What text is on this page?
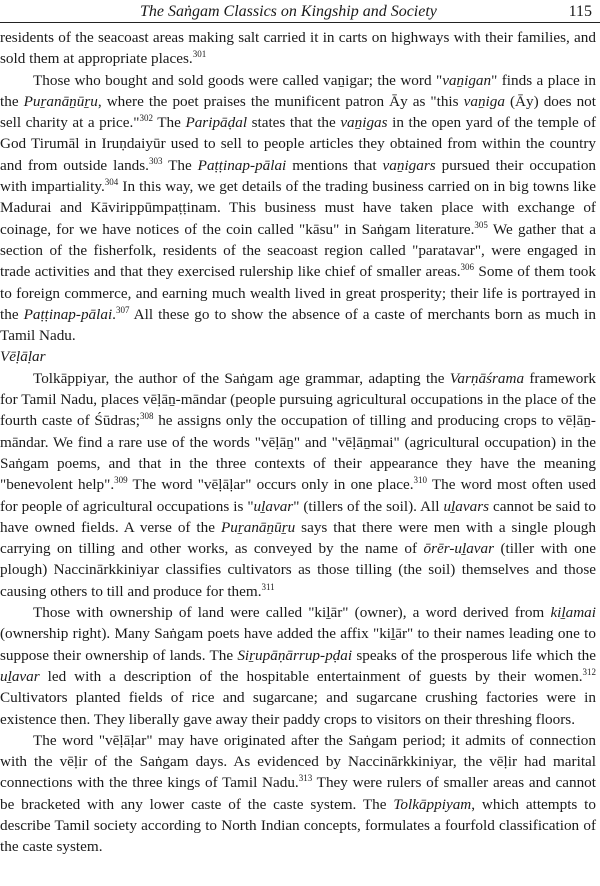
The Saṅgam Classics on Kingship and Society	115

residents of the seacoast areas making salt carried it in carts on highways with their families, and sold them at appropriate places.$^{301}$

Those who bought and sold goods were called vaṉigar; the word "vaṉigan" finds a place in the Puṟanāṉūṟu, where the poet praises the munificent patron Āy as "this vaṉiga (Āy) does not sell charity at a price."$^{302}$ The Paripāḍal states that the vaṉigas in the open yard of the temple of God Tirumāl in Iruṇdaiyūr used to sell to people articles they obtained from within the country and from outside lands.$^{303}$ The Paṭṭinap-pālai mentions that vaṉigars pursued their occupation with impartiality.$^{304}$ In this way, we get details of the trading business carried on in big towns like Madurai and Kāvirippūmpaṭṭinam. This business must have taken place with exchange of coinage, for we have notices of the coin called "kāsu" in Saṅgam literature.$^{305}$ We gather that a section of the fisherfolk, residents of the seacoast region called "paratavar", were engaged in trade activities and that they exercised rulership like chief of smaller areas.$^{306}$ Some of them took to foreign commerce, and earning much wealth lived in great prosperity; their life is portrayed in the Paṭṭinap-pālai.$^{307}$ All these go to show the absence of a caste of merchants born as much in Tamil Nadu.

Vēḷāḷar

Tolkāppiyar, the author of the Saṅgam age grammar, adapting the Varṇāśrama framework for Tamil Nadu, places vēḷāṉ-māndar (people pursuing agricultural occupations in the place of the fourth caste of Śūdras;$^{308}$ he assigns only the occupation of tilling and producing crops to vēḷāṉ-māndar. We find a rare use of the words "vēḷāṉ" and "vēḷāṉmai" (agricultural occupation) in the Saṅgam poems, and that in the three contexts of their appearance they have the meaning "benevolent help".$^{309}$ The word "vēḷāḷar" occurs only in one place.$^{310}$ The word most often used for people of agricultural occupations is "uḻavar" (tillers of the soil). All uḻavars cannot be said to have owned fields. A verse of the Puṟanāṉūṟu says that there were men with a single plough carrying on tilling and other works, as conveyed by the name of ōrēr-uḻavar (tiller with one plough) Naccinārkkiniyar classifies cultivators as those tilling (the soil) themselves and those causing others to till and produce for them.$^{311}$

Those with ownership of land were called "kiḻār" (owner), a word derived from kiḻamai (ownership right). Many Saṅgam poets have added the affix "kiḻār" to their names leading one to suppose their ownership of lands. The Siṟupāṇārrup-pḍai speaks of the prosperous life which the uḻavar led with a description of the hospitable entertainment of guests by their women.$^{312}$ Cultivators planted fields of rice and sugarcane; and sugarcane crushing factories were in existence then. They liberally gave away their paddy crops to visitors on their threshing floors.

The word "vēḷāḷar" may have originated after the Saṅgam period; it admits of connection with the vēḷir of the Saṅgam days. As evidenced by Naccinārkkiniyar, the vēḷir had marital connections with the three kings of Tamil Nadu.$^{313}$ They were rulers of smaller areas and cannot be bracketed with any lower caste of the caste system. The Tolkāppiyam, which attempts to describe Tamil society according to North Indian concepts, formulates a fourfold classification of the caste system.
